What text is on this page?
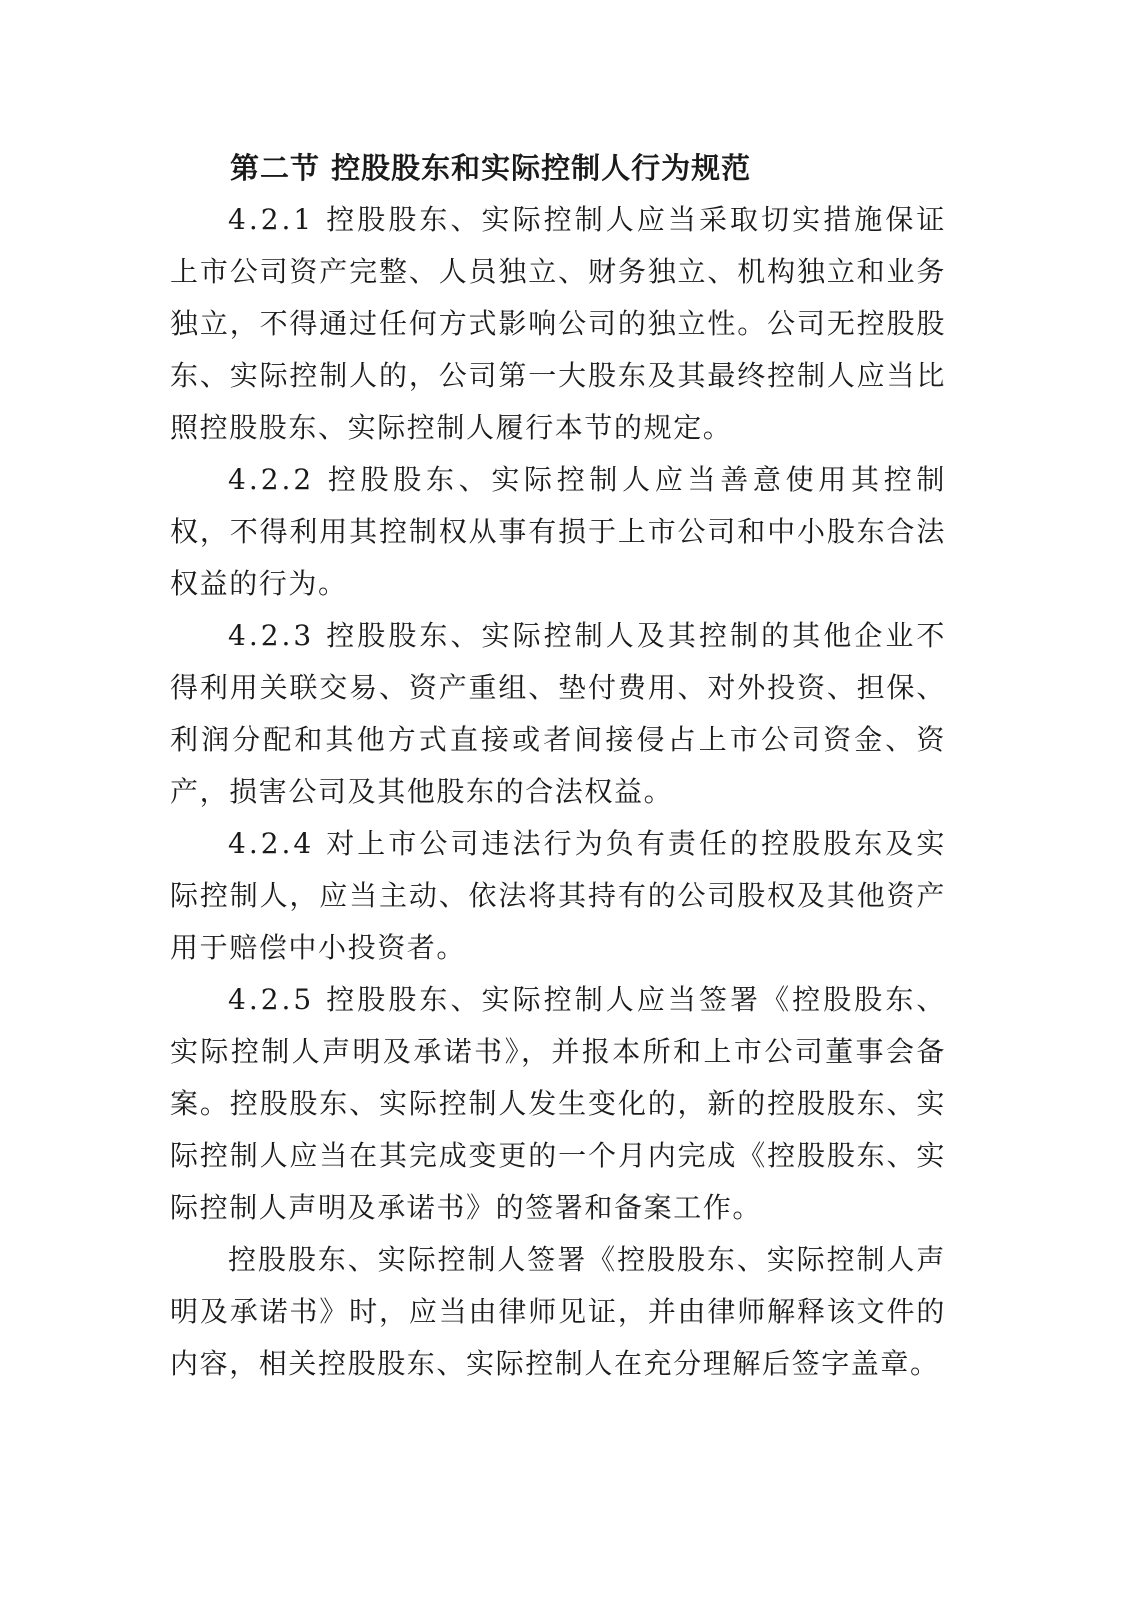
第二节 控股股东和实际控制人行为规范

4.2.1 控股股东、实际控制人应当采取切实措施保证上市公司资产完整、人员独立、财务独立、机构独立和业务独立，不得通过任何方式影响公司的独立性。公司无控股股东、实际控制人的，公司第一大股东及其最终控制人应当比照控股股东、实际控制人履行本节的规定。

4.2.2 控股股东、实际控制人应当善意使用其控制权，不得利用其控制权从事有损于上市公司和中小股东合法权益的行为。

4.2.3 控股股东、实际控制人及其控制的其他企业不得利用关联交易、资产重组、垫付费用、对外投资、担保、利润分配和其他方式直接或者间接侵占上市公司资金、资产，损害公司及其他股东的合法权益。

4.2.4 对上市公司违法行为负有责任的控股股东及实际控制人，应当主动、依法将其持有的公司股权及其他资产用于赔偿中小投资者。

4.2.5 控股股东、实际控制人应当签署《控股股东、实际控制人声明及承诺书》，并报本所和上市公司董事会备案。控股股东、实际控制人发生变化的，新的控股股东、实际控制人应当在其完成变更的一个月内完成《控股股东、实际控制人声明及承诺书》的签署和备案工作。

控股股东、实际控制人签署《控股股东、实际控制人声明及承诺书》时，应当由律师见证，并由律师解释该文件的内容，相关控股股东、实际控制人在充分理解后签字盖章。
